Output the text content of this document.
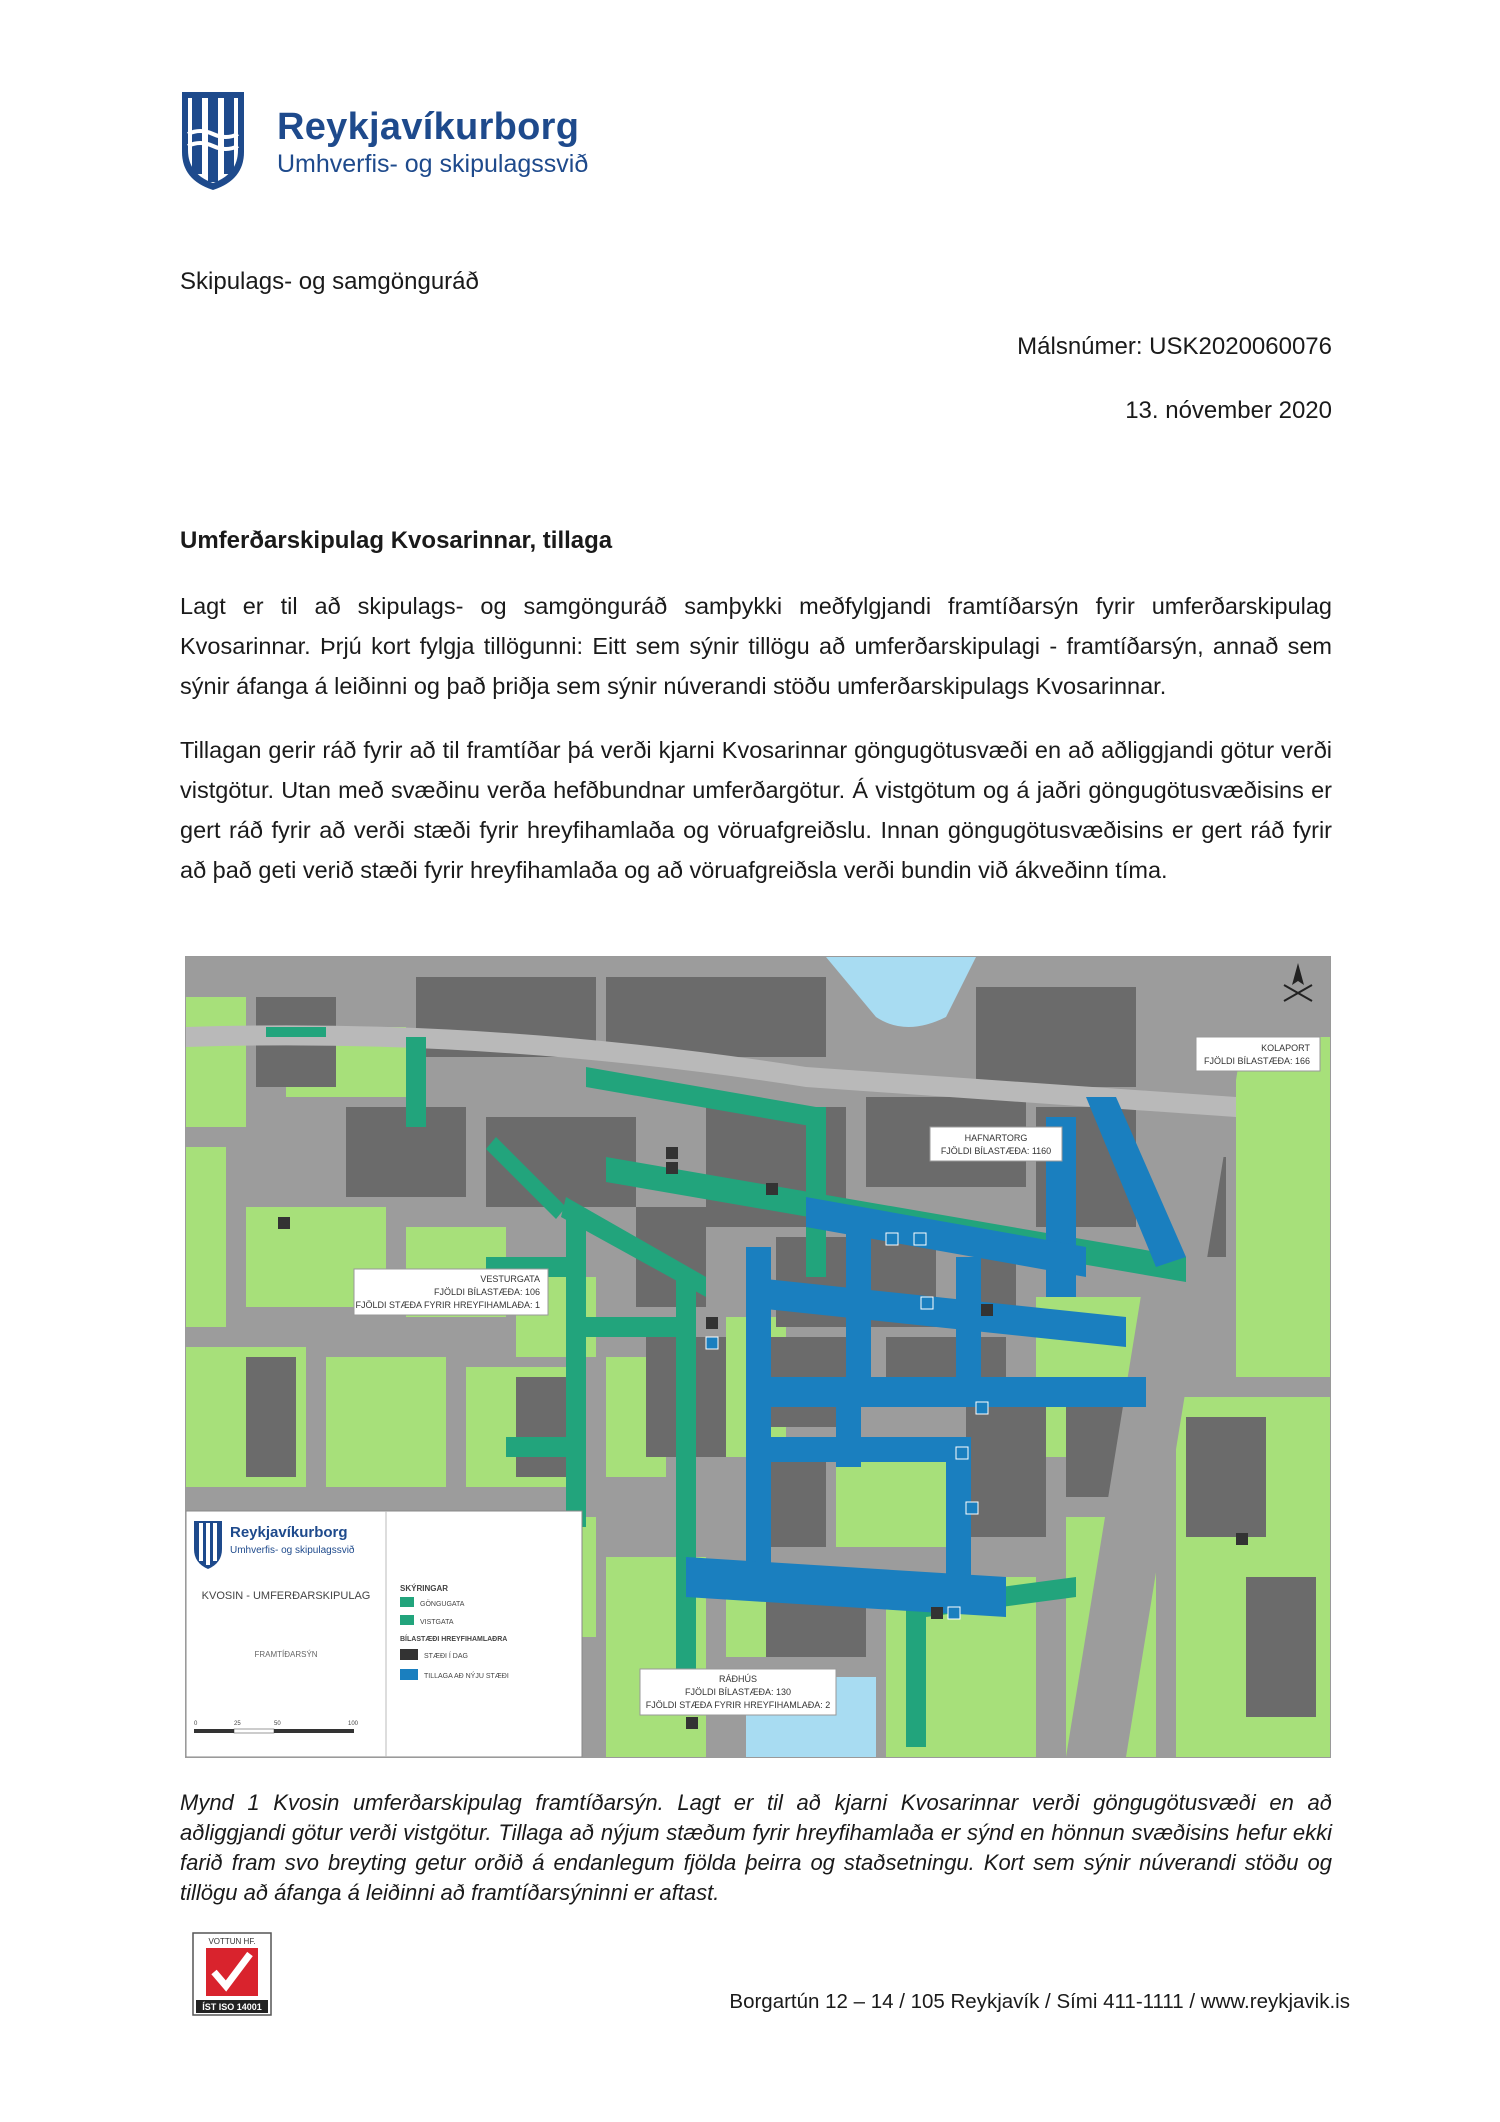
Reykjavíkurborg
Umhverfis- og skipulagssvið
Skipulags- og samgönguráð
Málsnúmer: USK2020060076
13. nóvember 2020
Umferðarskipulag Kvosarinnar, tillaga
Lagt er til að skipulags- og samgönguráð samþykki meðfylgjandi framtíðarsýn fyrir umferðarskipulag Kvosarinnar. Þrjú kort fylgja tillögunni: Eitt sem sýnir tillögu að umferðarskipulagi - framtíðarsýn, annað sem sýnir áfanga á leiðinni og það þriðja sem sýnir núverandi stöðu umferðarskipulags Kvosarinnar.
Tillagan gerir ráð fyrir að til framtíðar þá verði kjarni Kvosarinnar göngugötusvæði en að aðliggjandi götur verði vistgötur. Utan með svæðinu verða hefðbundnar umferðargötur. Á vistgötum og á jaðri göngugötusvæðisins er gert ráð fyrir að verði stæði fyrir hreyfihamlaða og vöruafgreiðslu. Innan göngugötusvæðisins er gert ráð fyrir að það geti verið stæði fyrir hreyfihamlaða og að vöruafgreiðsla verði bundin við ákveðinn tíma.
KOLAPORT
FJÖLDI BÍLASTÆÐA: 166
HAFNARTORG
FJÖLDI BÍLASTÆÐA: 1160
VESTURGATA
FJÖLDI BÍLASTÆÐA: 106
FJÖLDI STÆÐA FYRIR HREYFIHAMLAÐA: 1
RÁÐHÚS
FJÖLDI BÍLASTÆÐA: 130
FJÖLDI STÆÐA FYRIR HREYFIHAMLAÐA: 2
Reykjavíkurborg
Umhverfis- og skipulagssvið
KVOSIN - UMFERÐARSKIPULAG
FRAMTÍÐARSÝN
SKÝRINGAR
GÖNGUGATA
VISTGATA
BÍLASTÆÐI HREYFIHAMLAÐRA
STÆÐI Í DAG
TILLAGA AÐ NÝJU STÆÐI
0	25	50	100
Mynd 1 Kvosin umferðarskipulag framtíðarsýn. Lagt er til að kjarni Kvosarinnar verði göngugötusvæði en að aðliggjandi götur verði vistgötur. Tillaga að nýjum stæðum fyrir hreyfihamlaða er sýnd en hönnun svæðisins hefur ekki farið fram svo breyting getur orðið á endanlegum fjölda þeirra og staðsetningu. Kort sem sýnir núverandi stöðu og tillögu að áfanga á leiðinni að framtíðarsýninni er aftast.
VOTTUN HF.
ÍST ISO 14001	Borgartún 12 – 14 / 105 Reykjavík / Sími 411-1111 / www.reykjavik.is
